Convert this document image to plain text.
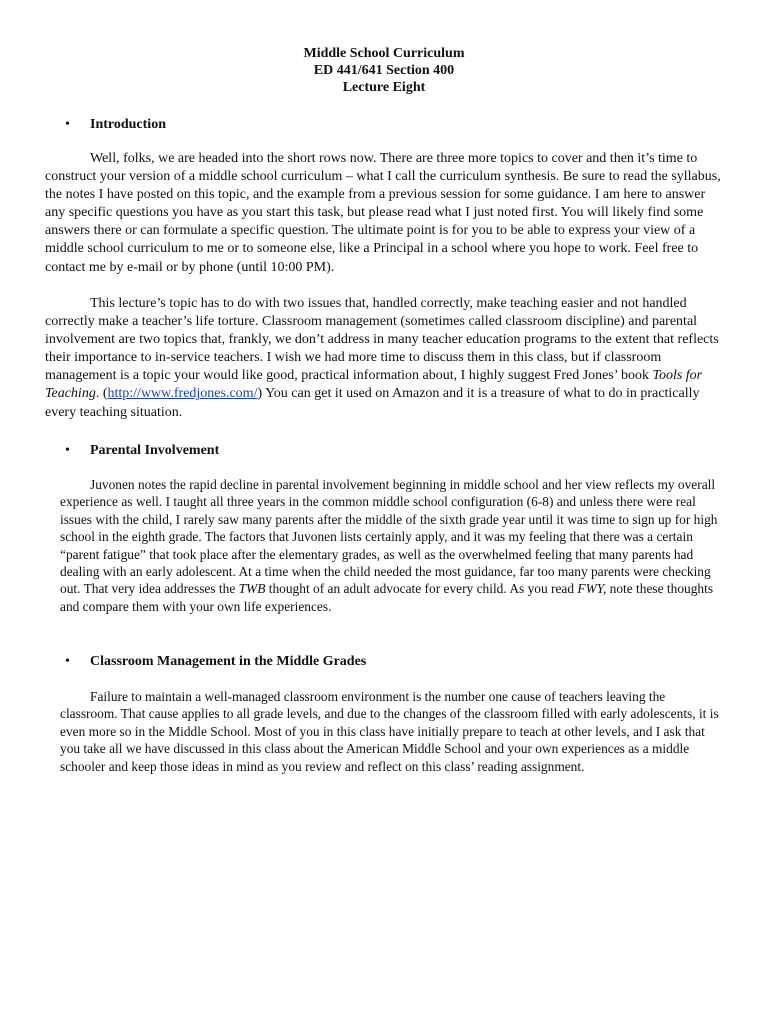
Middle School Curriculum
ED 441/641 Section 400
Lecture Eight
• Introduction

Well, folks, we are headed into the short rows now. There are three more topics to cover and then it’s time to construct your version of a middle school curriculum – what I call the curriculum synthesis. Be sure to read the syllabus, the notes I have posted on this topic, and the example from a previous session for some guidance. I am here to answer any specific questions you have as you start this task, but please read what I just noted first. You will likely find some answers there or can formulate a specific question. The ultimate point is for you to be able to express your view of a middle school curriculum to me or to someone else, like a Principal in a school where you hope to work. Feel free to contact me by e-mail or by phone (until 10:00 PM).

This lecture’s topic has to do with two issues that, handled correctly, make teaching easier and not handled correctly make a teacher’s life torture. Classroom management (sometimes called classroom discipline) and parental involvement are two topics that, frankly, we don’t address in many teacher education programs to the extent that reflects their importance to in-service teachers. I wish we had more time to discuss them in this class, but if classroom management is a topic your would like good, practical information about, I highly suggest Fred Jones’ book Tools for Teaching. (http://www.fredjones.com/) You can get it used on Amazon and it is a treasure of what to do in practically every teaching situation.

• Parental Involvement

Juvonen notes the rapid decline in parental involvement beginning in middle school and her view reflects my overall experience as well. I taught all three years in the common middle school configuration (6-8) and unless there were real issues with the child, I rarely saw many parents after the middle of the sixth grade year until it was time to sign up for high school in the eighth grade. The factors that Juvonen lists certainly apply, and it was my feeling that there was a certain “parent fatigue” that took place after the elementary grades, as well as the overwhelmed feeling that many parents had dealing with an early adolescent. At a time when the child needed the most guidance, far too many parents were checking out. That very idea addresses the TWB thought of an adult advocate for every child. As you read FWY, note these thoughts and compare them with your own life experiences.

• Classroom Management in the Middle Grades

Failure to maintain a well-managed classroom environment is the number one cause of teachers leaving the classroom. That cause applies to all grade levels, and due to the changes of the classroom filled with early adolescents, it is even more so in the Middle School. Most of you in this class have initially prepare to teach at other levels, and I ask that you take all we have discussed in this class about the American Middle School and your own experiences as a middle schooler and keep those ideas in mind as you review and reflect on this class’ reading assignment.
